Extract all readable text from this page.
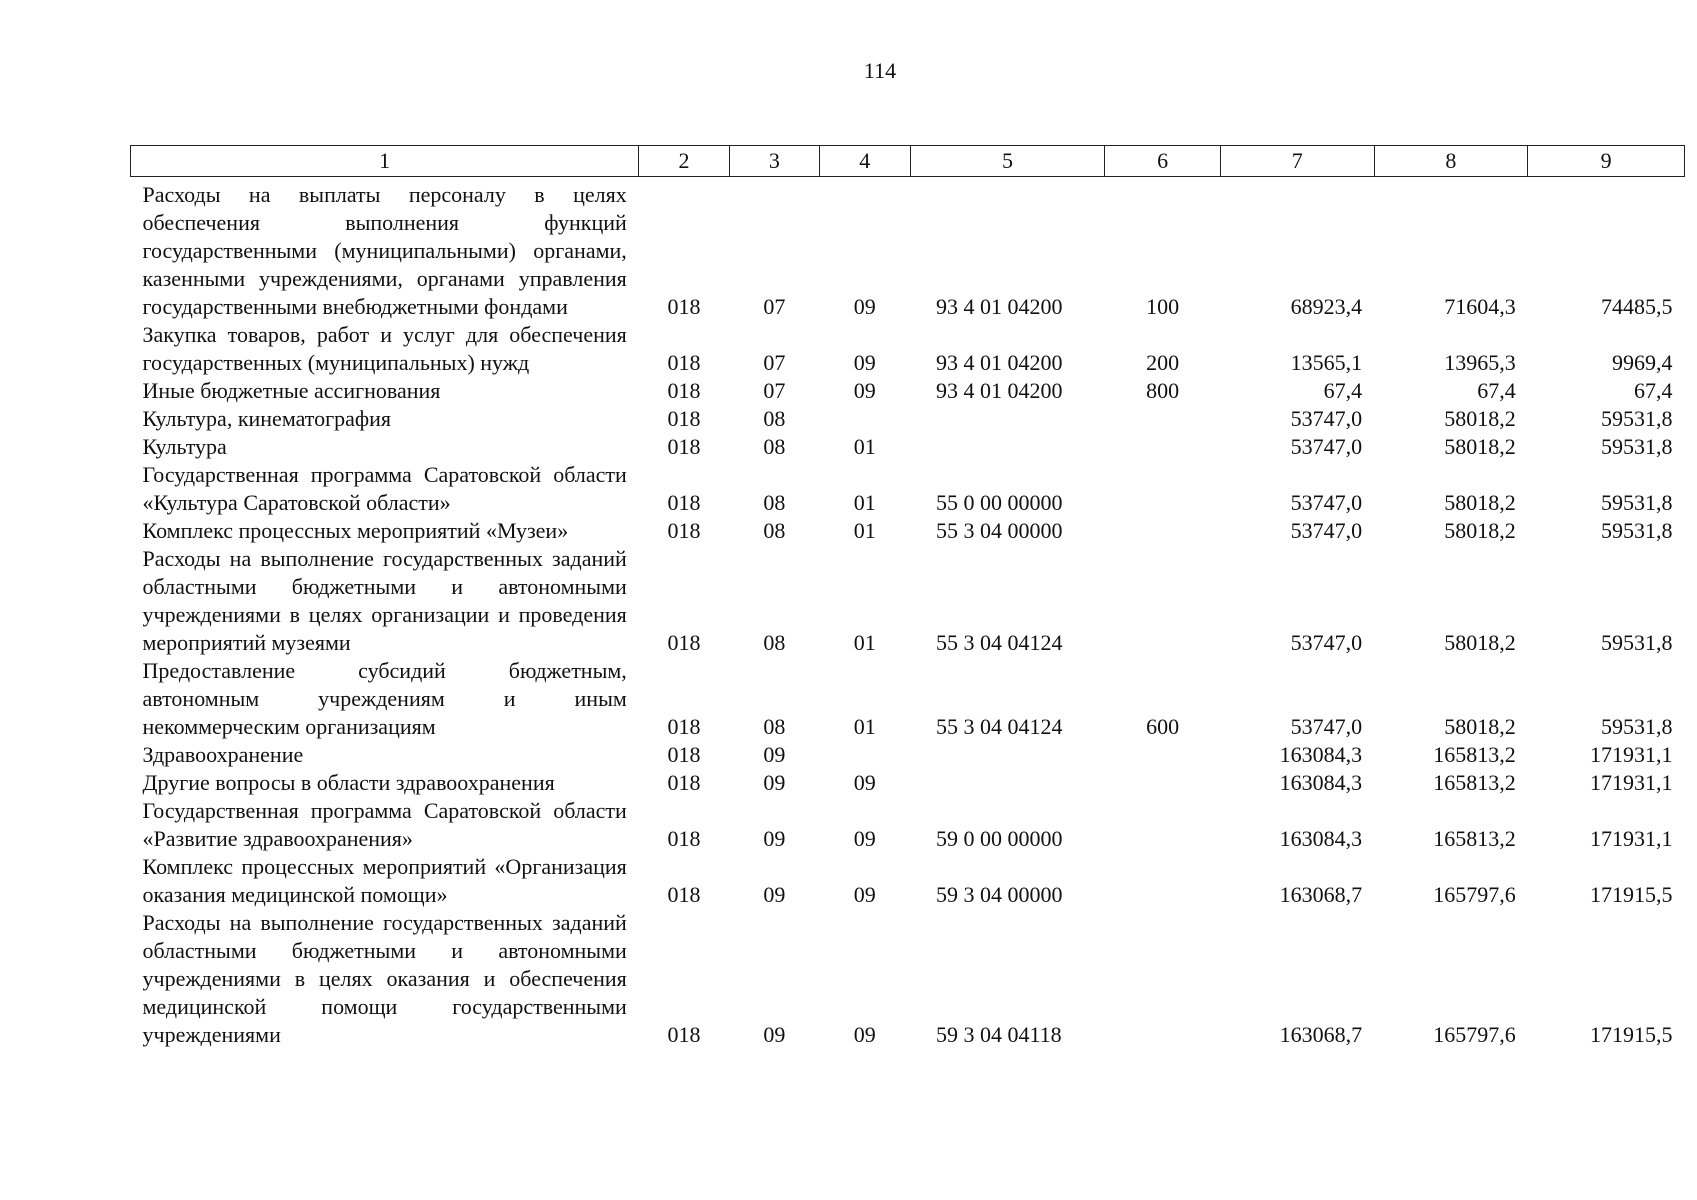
114
1	2	3	4	5	6	7	8	9
Расходы на выплаты персоналу в целях обеспечения выполнения функций государственными (муниципальными) органами, казенными учреждениями, органами управления государственными внебюджетными фондами	018	07	09	93 4 01 04200	100	68923,4	71604,3	74485,5
Закупка товаров, работ и услуг для обеспечения государственных (муниципальных) нужд	018	07	09	93 4 01 04200	200	13565,1	13965,3	9969,4
Иные бюджетные ассигнования	018	07	09	93 4 01 04200	800	67,4	67,4	67,4
Культура, кинематография	018	08				53747,0	58018,2	59531,8
Культура	018	08	01			53747,0	58018,2	59531,8
Государственная программа Саратовской области «Культура Саратовской области»	018	08	01	55 0 00 00000		53747,0	58018,2	59531,8
Комплекс процессных мероприятий «Музеи»	018	08	01	55 3 04 00000		53747,0	58018,2	59531,8
Расходы на выполнение государственных заданий областными бюджетными и автономными учреждениями в целях организации и проведения мероприятий музеями	018	08	01	55 3 04 04124		53747,0	58018,2	59531,8
Предоставление субсидий бюджетным, автономным учреждениям и иным некоммерческим организациям	018	08	01	55 3 04 04124	600	53747,0	58018,2	59531,8
Здравоохранение	018	09				163084,3	165813,2	171931,1
Другие вопросы в области здравоохранения	018	09	09			163084,3	165813,2	171931,1
Государственная программа Саратовской области «Развитие здравоохранения»	018	09	09	59 0 00 00000		163084,3	165813,2	171931,1
Комплекс процессных мероприятий «Организация оказания медицинской помощи»	018	09	09	59 3 04 00000		163068,7	165797,6	171915,5
Расходы на выполнение государственных заданий областными бюджетными и автономными учреждениями в целях оказания и обеспечения медицинской помощи государственными учреждениями	018	09	09	59 3 04 04118		163068,7	165797,6	171915,5
